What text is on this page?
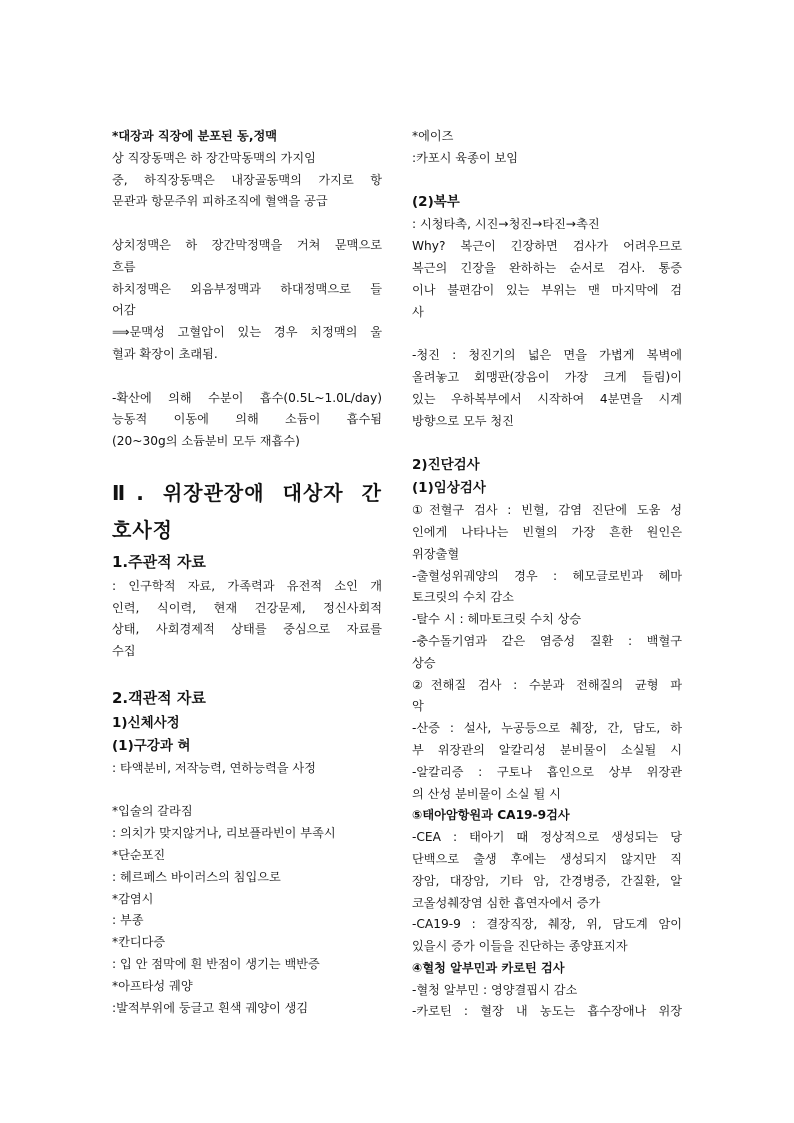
*대장과 직장에 분포된 동,정맥

상 직장동맥은 하 장간막동맥의 가지임

중, 하직장동맥은 내장골동맥의 가지로 항

문관과 항문주위 피하조직에 혈액을 공급

상치정맥은 하 장간막정맥을 거쳐 문맥으로

흐름

하치정맥은 외음부정맥과 하대정맥으로 들

어감

⟹문맥성 고혈압이 있는 경우 치정맥의 울

혈과 확장이 초래됨.

-확산에 의해 수분이 흡수(0.5L~1.0L/day)

능동적 이동에 의해 소듐이 흡수됨

(20~30g의 소듐분비 모두 재흡수)

Ⅱ. 위장관장애 대상자 간

호사정

1.주관적 자료

: 인구학적 자료, 가족력과 유전적 소인 개

인력, 식이력, 현재 건강문제, 정신사회적

상태, 사회경제적 상태를 중심으로 자료를

수집

2.객관적 자료

1)신체사정

(1)구강과 혀

: 타액분비, 저작능력, 연하능력을 사정

*입술의 갈라짐

: 의치가 맞지않거나, 리보플라빈이 부족시

*단순포진

: 헤르페스 바이러스의 침입으로

*감염시

: 부종

*칸디다증

: 입 안 점막에 흰 반점이 생기는 백반증

*아프타성 궤양

:발적부위에 둥글고 흰색 궤양이 생김

*에이즈

:카포시 육종이 보임

(2)복부

: 시청타촉, 시진→청진→타진→촉진

Why? 복근이 긴장하면 검사가 어려우므로

복근의 긴장을 완하하는 순서로 검사. 통증

이나 불편감이 있는 부위는 맨 마지막에 검

사

-청진 : 청진기의 넓은 면을 가볍게 복벽에

올려놓고 회맹판(장음이 가장 크게 들림)이

있는 우하복부에서 시작하여 4분면을 시계

방향으로 모두 청진

2)진단검사

(1)임상검사

①전혈구 검사 : 빈혈, 감염 진단에 도움 성

인에게 나타나는 빈혈의 가장 흔한 원인은

위장출혈

-출혈성위궤양의 경우 : 헤모글로빈과 헤마

토크릿의 수치 감소

-탈수 시 : 헤마토크릿 수치 상승

-충수돌기염과 같은 염증성 질환 : 백혈구

상승

②전해질 검사 : 수분과 전해질의 균형 파

악

-산증 : 설사, 누공등으로 췌장, 간, 담도, 하

부 위장관의 알칼리성 분비물이 소실될 시

-알칼리증 : 구토나 흡인으로 상부 위장관

의 산성 분비물이 소실 될 시

⑤태아암항원과 CA19-9검사

-CEA : 태아기 때 정상적으로 생성되는 당

단백으로 출생 후에는 생성되지 않지만 직

장암, 대장암, 기타 암, 간경병증, 간질환, 알

코올성췌장염 심한 흡연자에서 증가

-CA19-9 : 결장직장, 췌장, 위, 담도계 암이

있을시 증가 이들을 진단하는 종양표지자

④혈청 알부민과 카로틴 검사

-혈청 알부민 : 영양결핍시 감소

-카로틴 : 혈장 내 농도는 흡수장애나 위장
